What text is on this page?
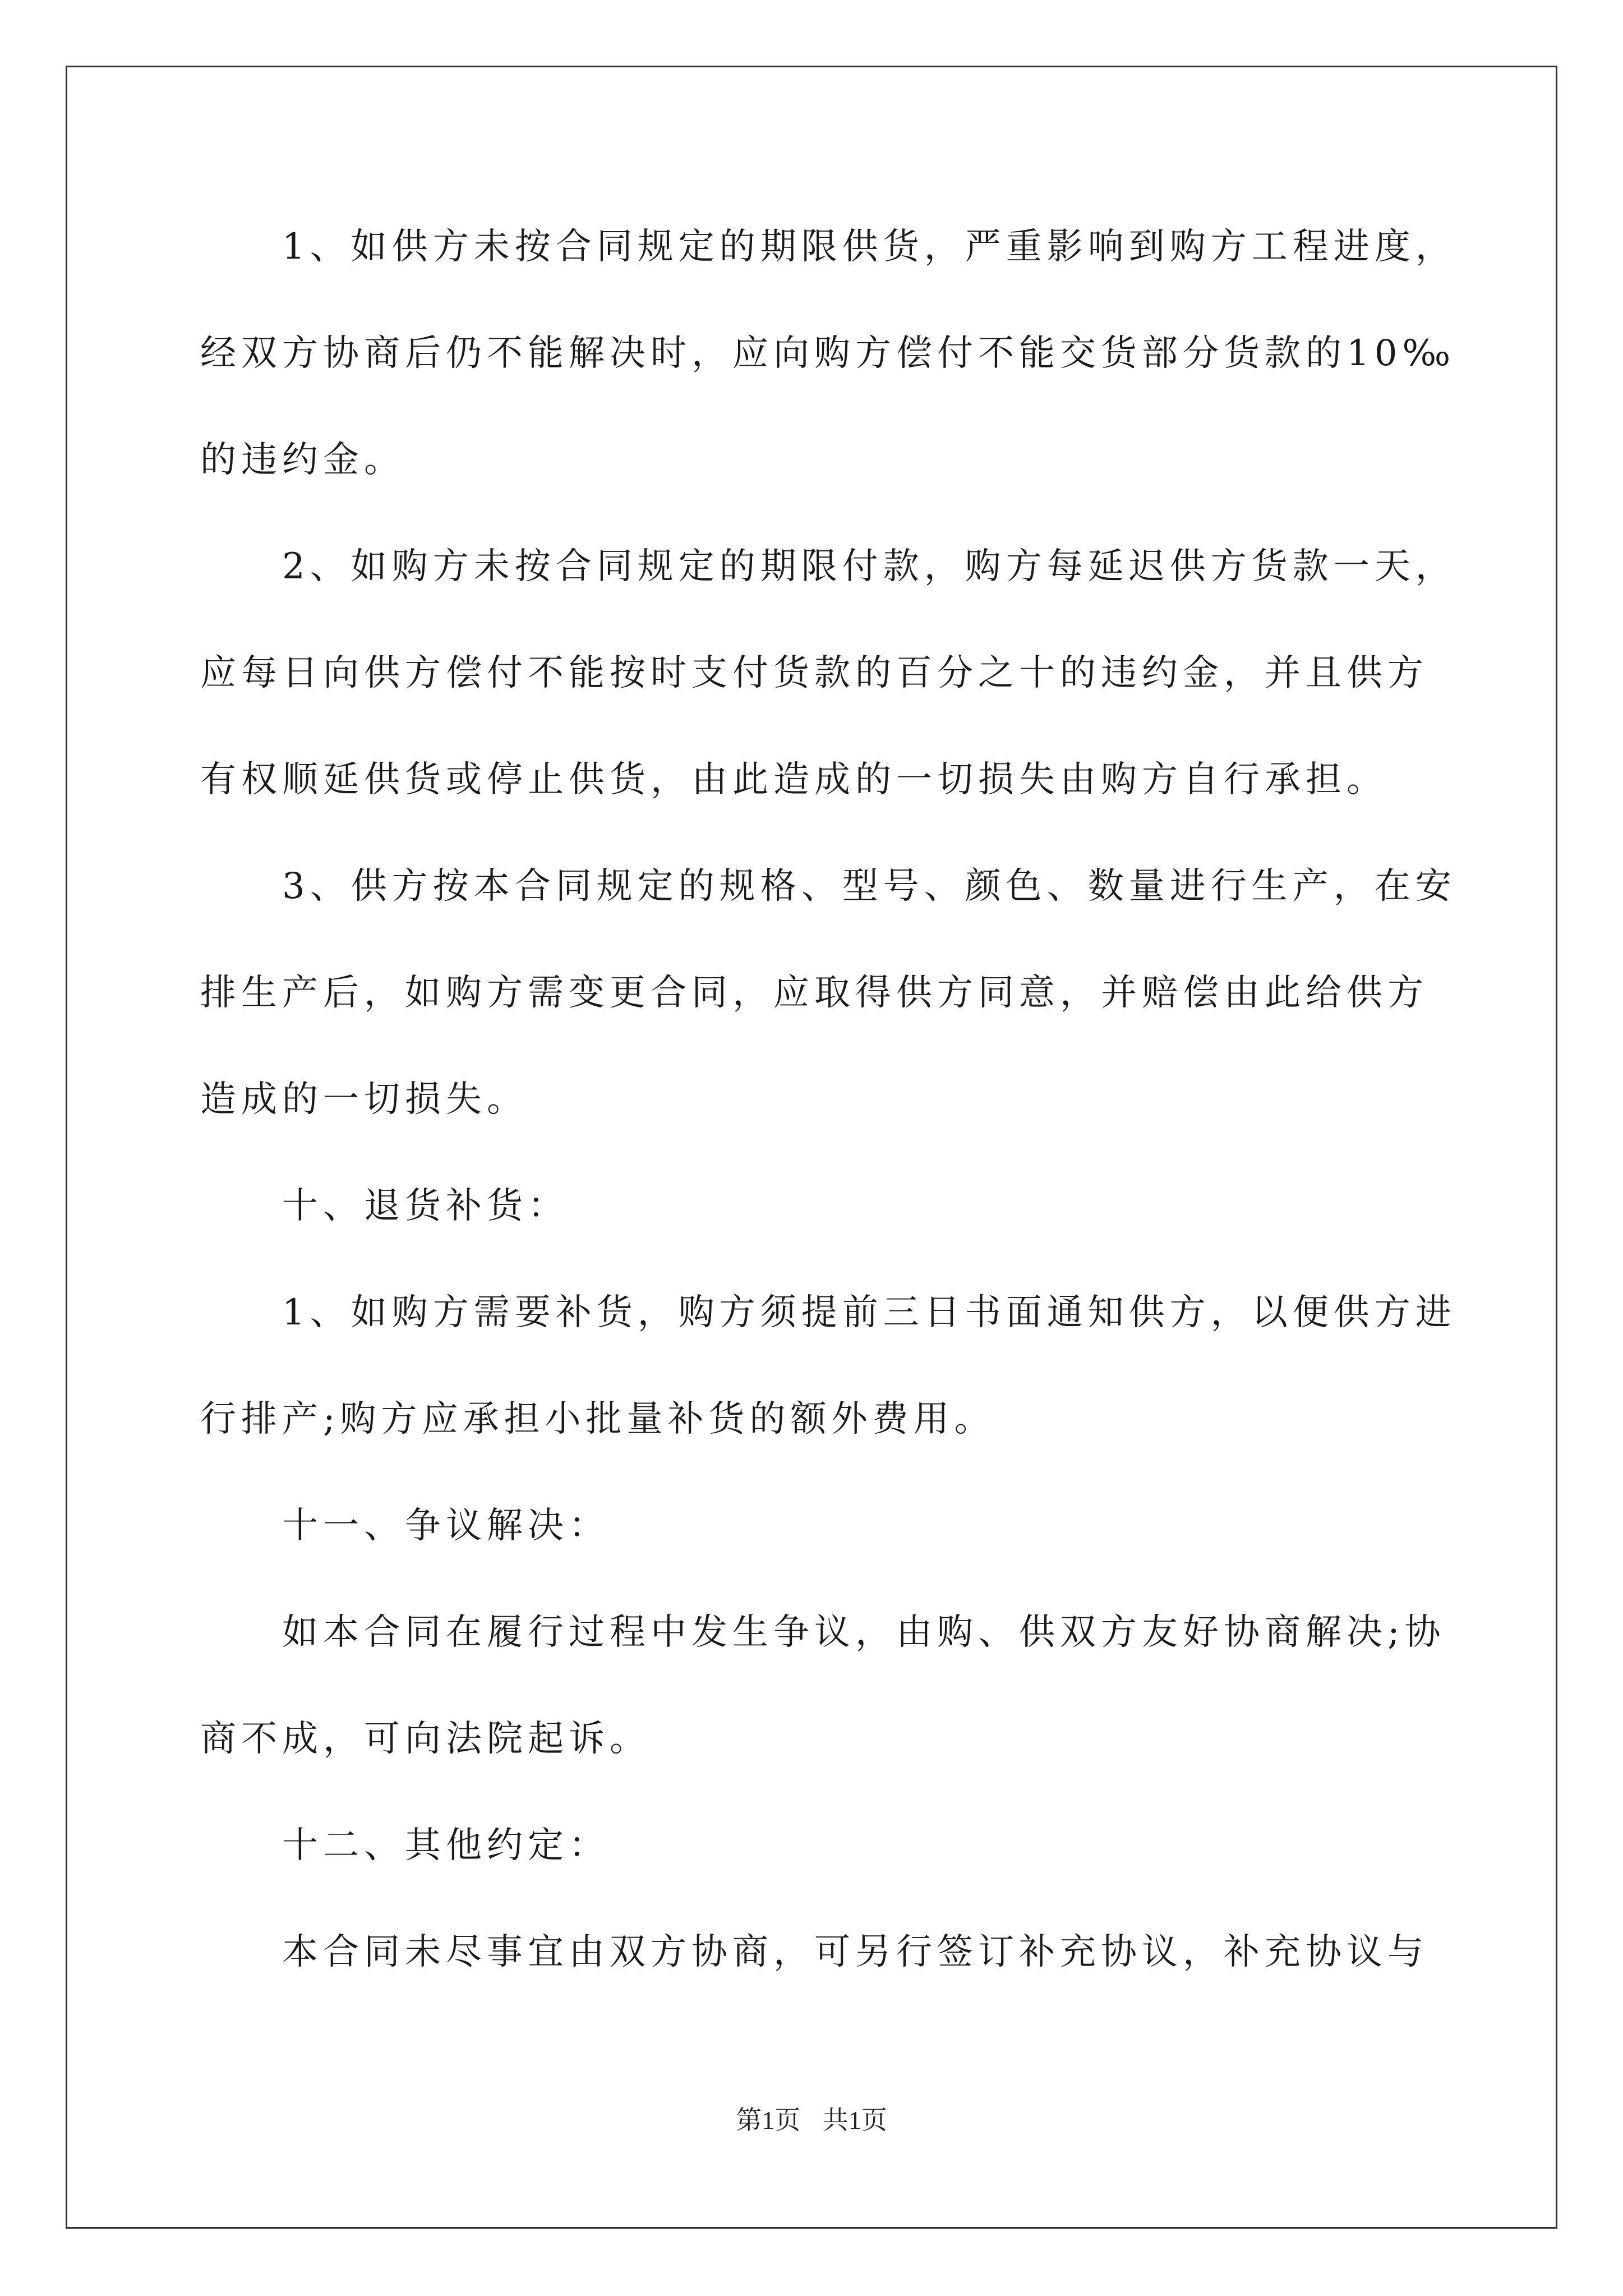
1、如供方未按合同规定的期限供货，严重影响到购方工程进度，
经双方协商后仍不能解决时，应向购方偿付不能交货部分货款的10‰
的违约金。
2、如购方未按合同规定的期限付款，购方每延迟供方货款一天，
应每日向供方偿付不能按时支付货款的百分之十的违约金，并且供方
有权顺延供货或停止供货，由此造成的一切损失由购方自行承担。
3、供方按本合同规定的规格、型号、颜色、数量进行生产，在安
排生产后，如购方需变更合同，应取得供方同意，并赔偿由此给供方
造成的一切损失。
十、退货补货：
1、如购方需要补货，购方须提前三日书面通知供方，以便供方进
行排产;购方应承担小批量补货的额外费用。
十一、争议解决：
如本合同在履行过程中发生争议，由购、供双方友好协商解决;协
商不成，可向法院起诉。
十二、其他约定：
本合同未尽事宜由双方协商，可另行签订补充协议，补充协议与
第1页 共1页
